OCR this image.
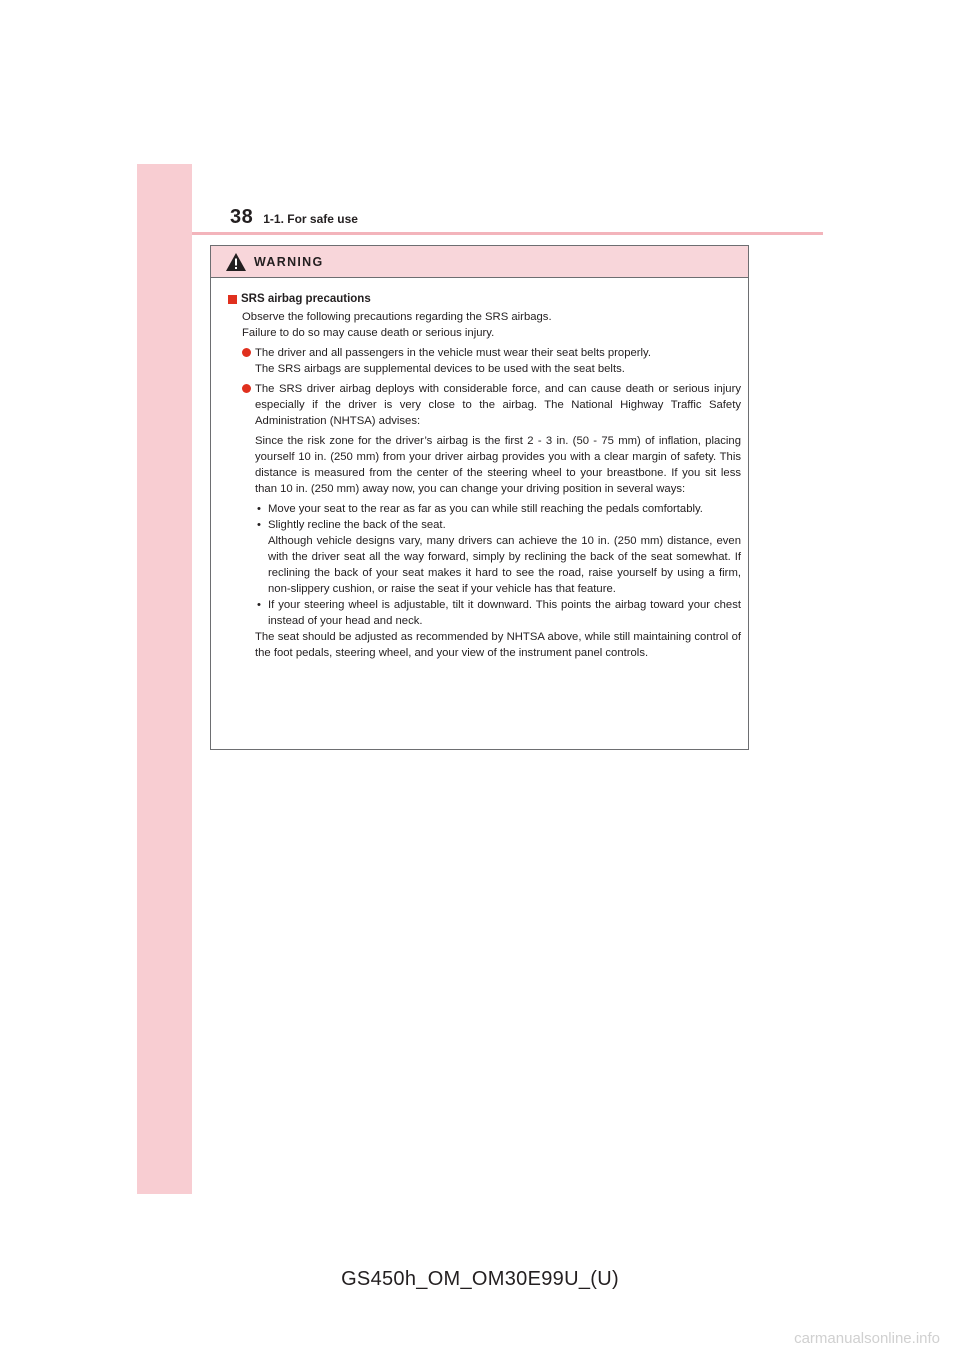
38 1-1. For safe use
WARNING
SRS airbag precautions
Observe the following precautions regarding the SRS airbags.
Failure to do so may cause death or serious injury.
The driver and all passengers in the vehicle must wear their seat belts properly.
The SRS airbags are supplemental devices to be used with the seat belts.
The SRS driver airbag deploys with considerable force, and can cause death or serious injury especially if the driver is very close to the airbag. The National Highway Traffic Safety Administration (NHTSA) advises:
Since the risk zone for the driver’s airbag is the first 2 - 3 in. (50 - 75 mm) of inflation, placing yourself 10 in. (250 mm) from your driver airbag provides you with a clear margin of safety. This distance is measured from the center of the steering wheel to your breastbone. If you sit less than 10 in. (250 mm) away now, you can change your driving position in several ways:
• Move your seat to the rear as far as you can while still reaching the pedals comfortably.
• Slightly recline the back of the seat.
Although vehicle designs vary, many drivers can achieve the 10 in. (250 mm) distance, even with the driver seat all the way forward, simply by reclining the back of the seat somewhat. If reclining the back of your seat makes it hard to see the road, raise yourself by using a firm, non-slippery cushion, or raise the seat if your vehicle has that feature.
• If your steering wheel is adjustable, tilt it downward. This points the airbag toward your chest instead of your head and neck.
The seat should be adjusted as recommended by NHTSA above, while still maintaining control of the foot pedals, steering wheel, and your view of the instrument panel controls.
GS450h_OM_OM30E99U_(U)
carmanualsonline.info
